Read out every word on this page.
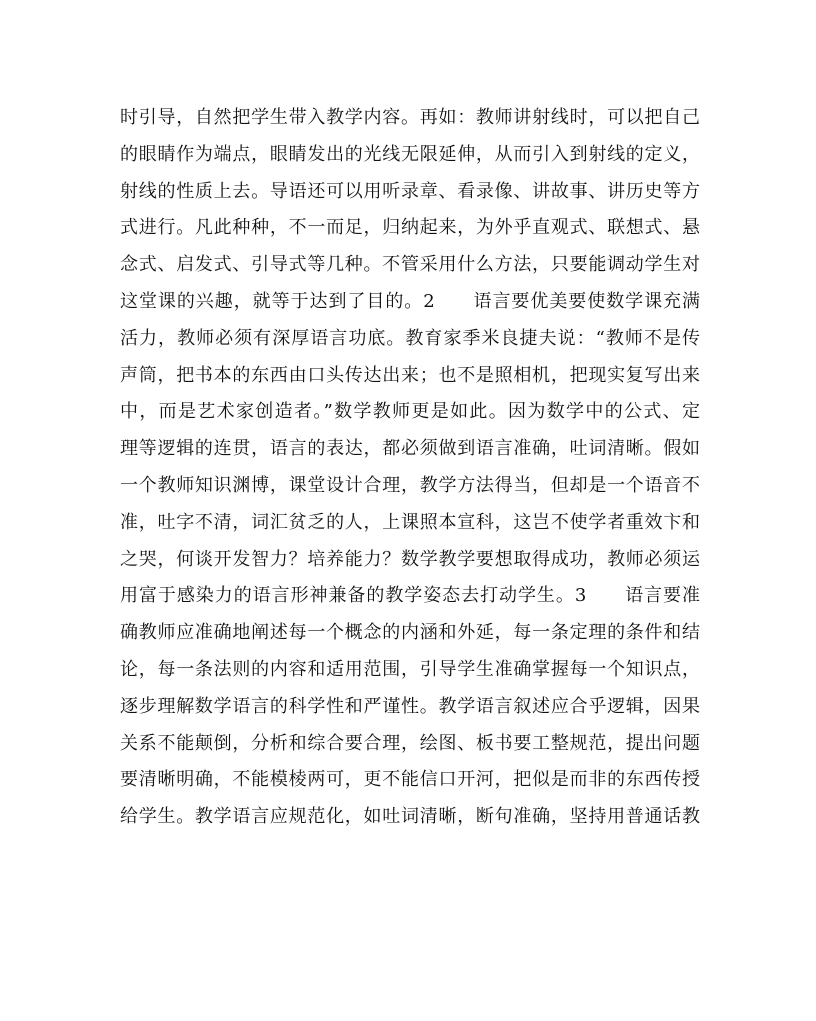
时引导，自然把学生带入教学内容。再如：教师讲射线时，可以把自己
的眼睛作为端点，眼睛发出的光线无限延伸，从而引入到射线的定义，
射线的性质上去。导语还可以用听录章、看录像、讲故事、讲历史等方
式进行。凡此种种，不一而足，归纳起来，为外乎直观式、联想式、悬
念式、启发式、引导式等几种。不管采用什么方法，只要能调动学生对
这堂课的兴趣，就等于达到了目的。2　　语言要优美要使数学课充满
活力，教师必须有深厚语言功底。教育家季米良捷夫说：“教师不是传
声筒，把书本的东西由口头传达出来；也不是照相机，把现实复写出来
中，而是艺术家创造者。”数学教师更是如此。因为数学中的公式、定
理等逻辑的连贯，语言的表达，都必须做到语言准确，吐词清晰。假如
一个教师知识渊博，课堂设计合理，教学方法得当，但却是一个语音不
准，吐字不清，词汇贫乏的人，上课照本宣科，这岂不使学者重效卞和
之哭，何谈开发智力？培养能力？数学教学要想取得成功，教师必须运
用富于感染力的语言形神兼备的教学姿态去打动学生。3　　语言要准
确教师应准确地阐述每一个概念的内涵和外延，每一条定理的条件和结
论，每一条法则的内容和适用范围，引导学生准确掌握每一个知识点，
逐步理解数学语言的科学性和严谨性。教学语言叙述应合乎逻辑，因果
关系不能颠倒，分析和综合要合理，绘图、板书要工整规范，提出问题
要清晰明确，不能模棱两可，更不能信口开河，把似是而非的东西传授
给学生。教学语言应规范化，如吐词清晰，断句准确，坚持用普通话教
